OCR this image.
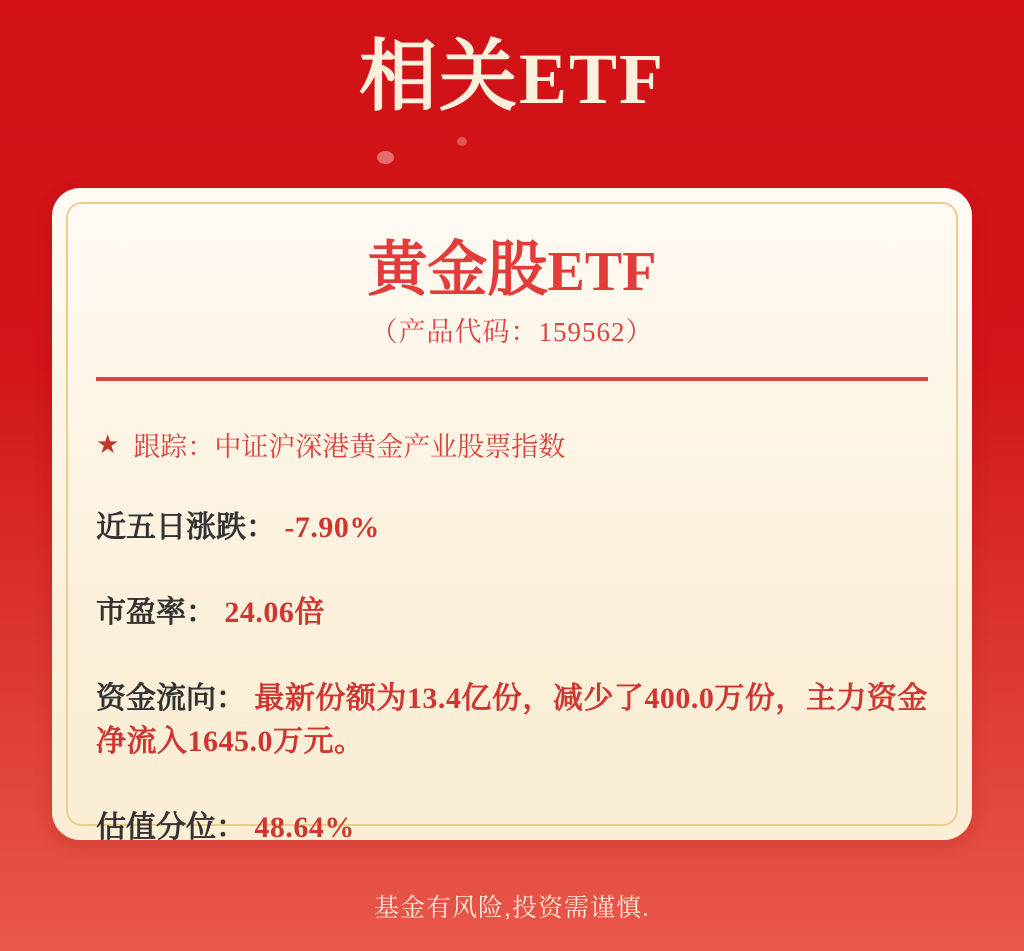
相关ETF
黄金股ETF
（产品代码：159562）
★ 跟踪： 中证沪深港黄金产业股票指数
近五日涨跌： -7.90%
市盈率： 24.06倍
资金流向： 最新份额为13.4亿份，减少了400.0万份，主力资金净流入1645.0万元。
估值分位： 48.64%
基金有风险,投资需谨慎.
